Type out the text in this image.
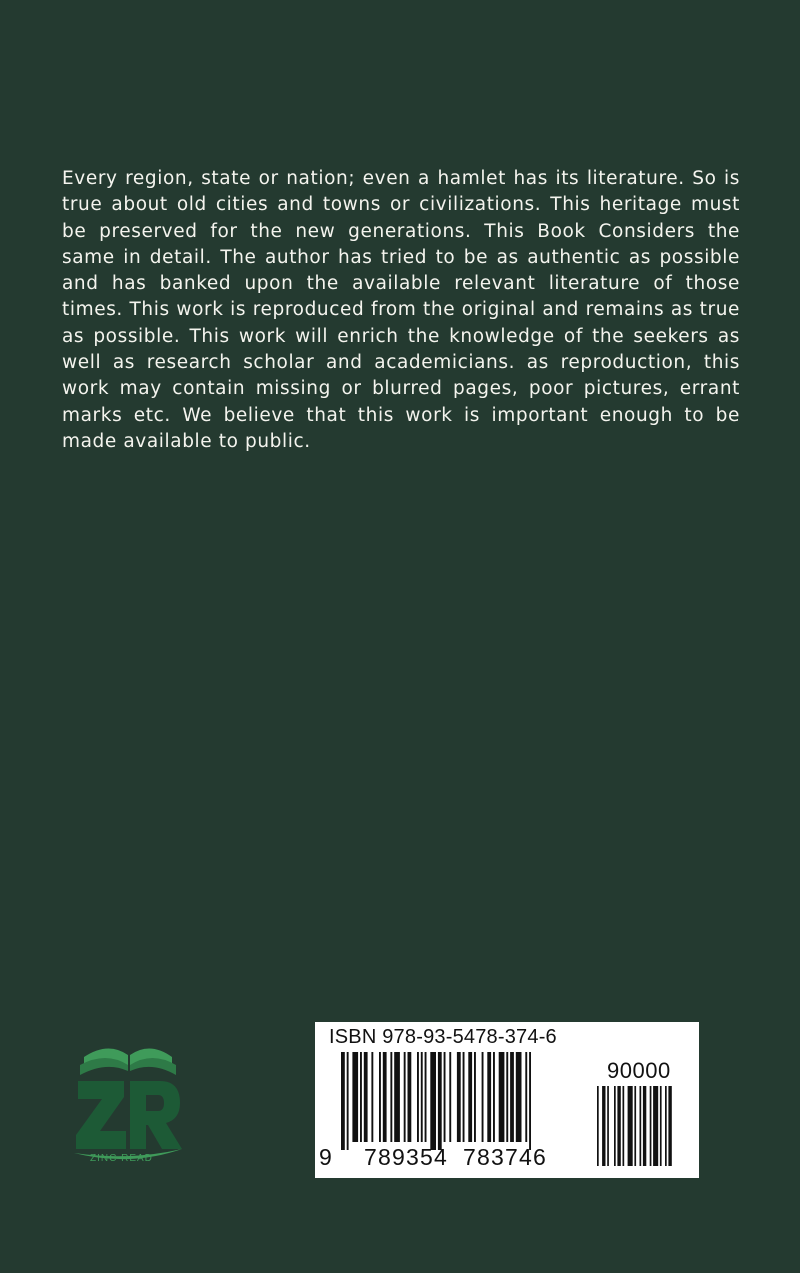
Every region, state or nation; even a hamlet has its literature. So is true about old cities and towns or civilizations. This heritage must be preserved for the new generations. This Book Considers the same in detail. The author has tried to be as authentic as possible and has banked upon the available relevant literature of those times. This work is reproduced from the original and remains as true as possible. This work will enrich the knowledge of the seekers as well as research scholar and academicians. as reproduction, this work may contain missing or blurred pages, poor pictures, errant marks etc. We believe that this work is important enough to be made available to public.

ZINC READ
ISBN 978-93-5478-374-6
90000
9 789354 783746
